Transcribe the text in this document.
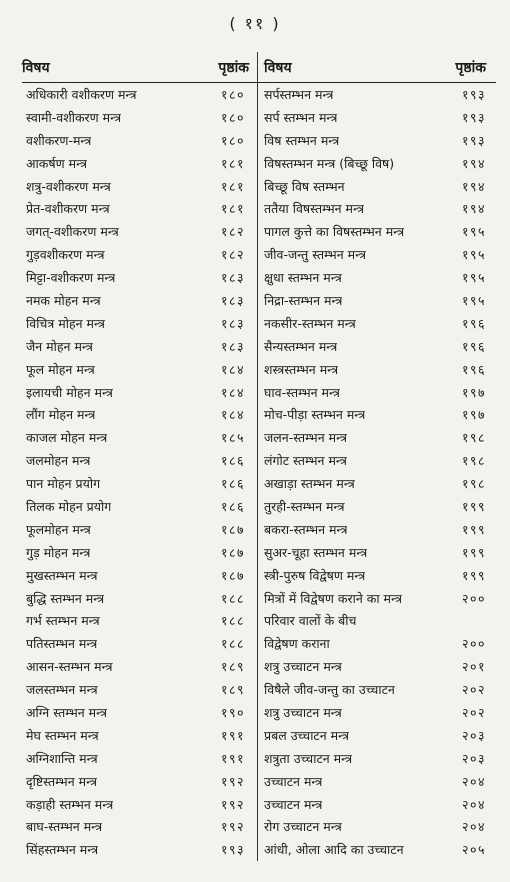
( ११ )
विषय	पृष्ठांक विषय	पृष्ठांक
अधिकारी वशीकरण मन्त्र	१८०
स्वामी-वशीकरण मन्त्र	१८०
वशीकरण-मन्त्र	१८०
आकर्षण मन्त्र	१८१
शत्रु-वशीकरण मन्त्र	१८१
प्रेत-वशीकरण मन्त्र	१८१
जगत्-वशीकरण मन्त्र	१८२
गुड़वशीकरण मन्त्र	१८२
मिट्टा-वशीकरण मन्त्र	१८३
नमक मोहन मन्त्र	१८३
विचित्र मोहन मन्त्र	१८३
जैन मोहन मन्त्र	१८३
फूल मोहन मन्त्र	१८४
इलायची मोहन मन्त्र	१८४
लौंग मोहन मन्त्र	१८४
काजल मोहन मन्त्र	१८५
जलमोहन मन्त्र	१८६
पान मोहन प्रयोग	१८६
तिलक मोहन प्रयोग	१८६
फूलमोहन मन्त्र	१८७
गुड़ मोहन मन्त्र	१८७
मुखस्तम्भन मन्त्र	१८७
बुद्धि स्तम्भन मन्त्र	१८८
गर्भ स्तम्भन मन्त्र	१८८
पतिस्तम्भन मन्त्र	१८८
आसन-स्तम्भन मन्त्र	१८९
जलस्तम्भन मन्त्र	१८९
अग्नि स्तम्भन मन्त्र	१९०
मेघ स्तम्भन मन्त्र	१९१
अग्निशान्ति मन्त्र	१९१
दृष्टिस्तम्भन मन्त्र	१९२
कड़ाही स्तम्भन मन्त्र	१९२
बाघ-स्तम्भन मन्त्र	१९२
सिंहस्तम्भन मन्त्र	१९३
सर्पस्तम्भन मन्त्र	१९३
सर्प स्तम्भन मन्त्र	१९३
विष स्तम्भन मन्त्र	१९३
विषस्तम्भन मन्त्र (बिच्छू विष)	१९४
बिच्छू विष स्तम्भन	१९४
ततैया विषस्तम्भन मन्त्र	१९४
पागल कुत्ते का विषस्तम्भन मन्त्र	१९५
जीव-जन्तु स्तम्भन मन्त्र	१९५
क्षुधा स्तम्भन मन्त्र	१९५
निद्रा-स्तम्भन मन्त्र	१९५
नकसीर-स्तम्भन मन्त्र	१९६
सैन्यस्तम्भन मन्त्र	१९६
शस्त्रस्तम्भन मन्त्र	१९६
घाव-स्तम्भन मन्त्र	१९७
मोच-पीड़ा स्तम्भन मन्त्र	१९७
जलन-स्तम्भन मन्त्र	१९८
लंगोट स्तम्भन मन्त्र	१९८
अखाड़ा स्तम्भन मन्त्र	१९८
तुरही-स्तम्भन मन्त्र	१९९
बकरा-स्तम्भन मन्त्र	१९९
सुअर-चूहा स्तम्भन मन्त्र	१९९
स्त्री-पुरुष विद्वेषण मन्त्र	१९९
मित्रों में विद्वेषण कराने का मन्त्र	२००
परिवार वालों के बीच
विद्वेषण कराना	२००
शत्रु उच्चाटन मन्त्र	२०१
विषैले जीव-जन्तु का उच्चाटन	२०२
शत्रु उच्चाटन मन्त्र	२०२
प्रबल उच्चाटन मन्त्र	२०३
शत्रुता उच्चाटन मन्त्र	२०३
उच्चाटन मन्त्र	२०४
उच्चाटन मन्त्र	२०४
रोग उच्चाटन मन्त्र	२०४
आंधी, ओला आदि का उच्चाटन	२०५
